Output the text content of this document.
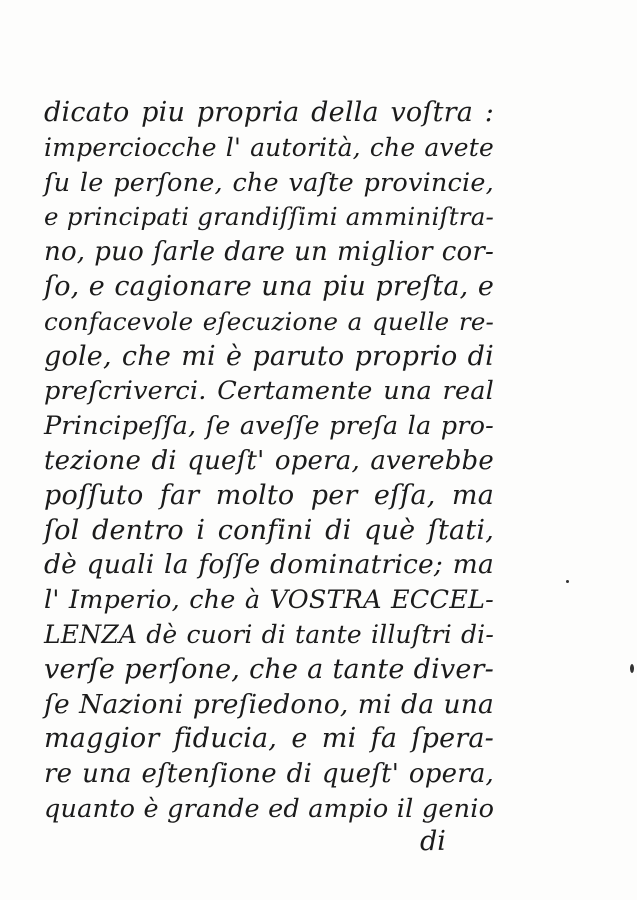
dicato piu propria della voſtra :
imperciocche l' autorità, che avete
ſu le perſone, che vaſte provincie,
e principati grandiſſimi amminiſtra-
no, puo ſarle dare un miglior cor-
ſo, e cagionare una piu preſta, e
confacevole eſecuzione a quelle re-
gole, che mi è paruto proprio di
preſcriverci. Certamente una real
Principeſſa, ſe aveſſe preſa la pro-
tezione di queſt' opera, averebbe
poſſuto far molto per eſſa, ma
ſol dentro i confini di què ſtati,
dè quali la foſſe dominatrice; ma
l' Imperio, che à VOSTRA ECCEL-
LENZA dè cuori di tante illuſtri di-
verſe perſone, che a tante diver-
ſe Nazioni preſiedono, mi da una
maggior fiducia, e mi fa ſpera-
re una eſtenſione di queſt' opera,
quanto è grande ed ampio il genio
di
